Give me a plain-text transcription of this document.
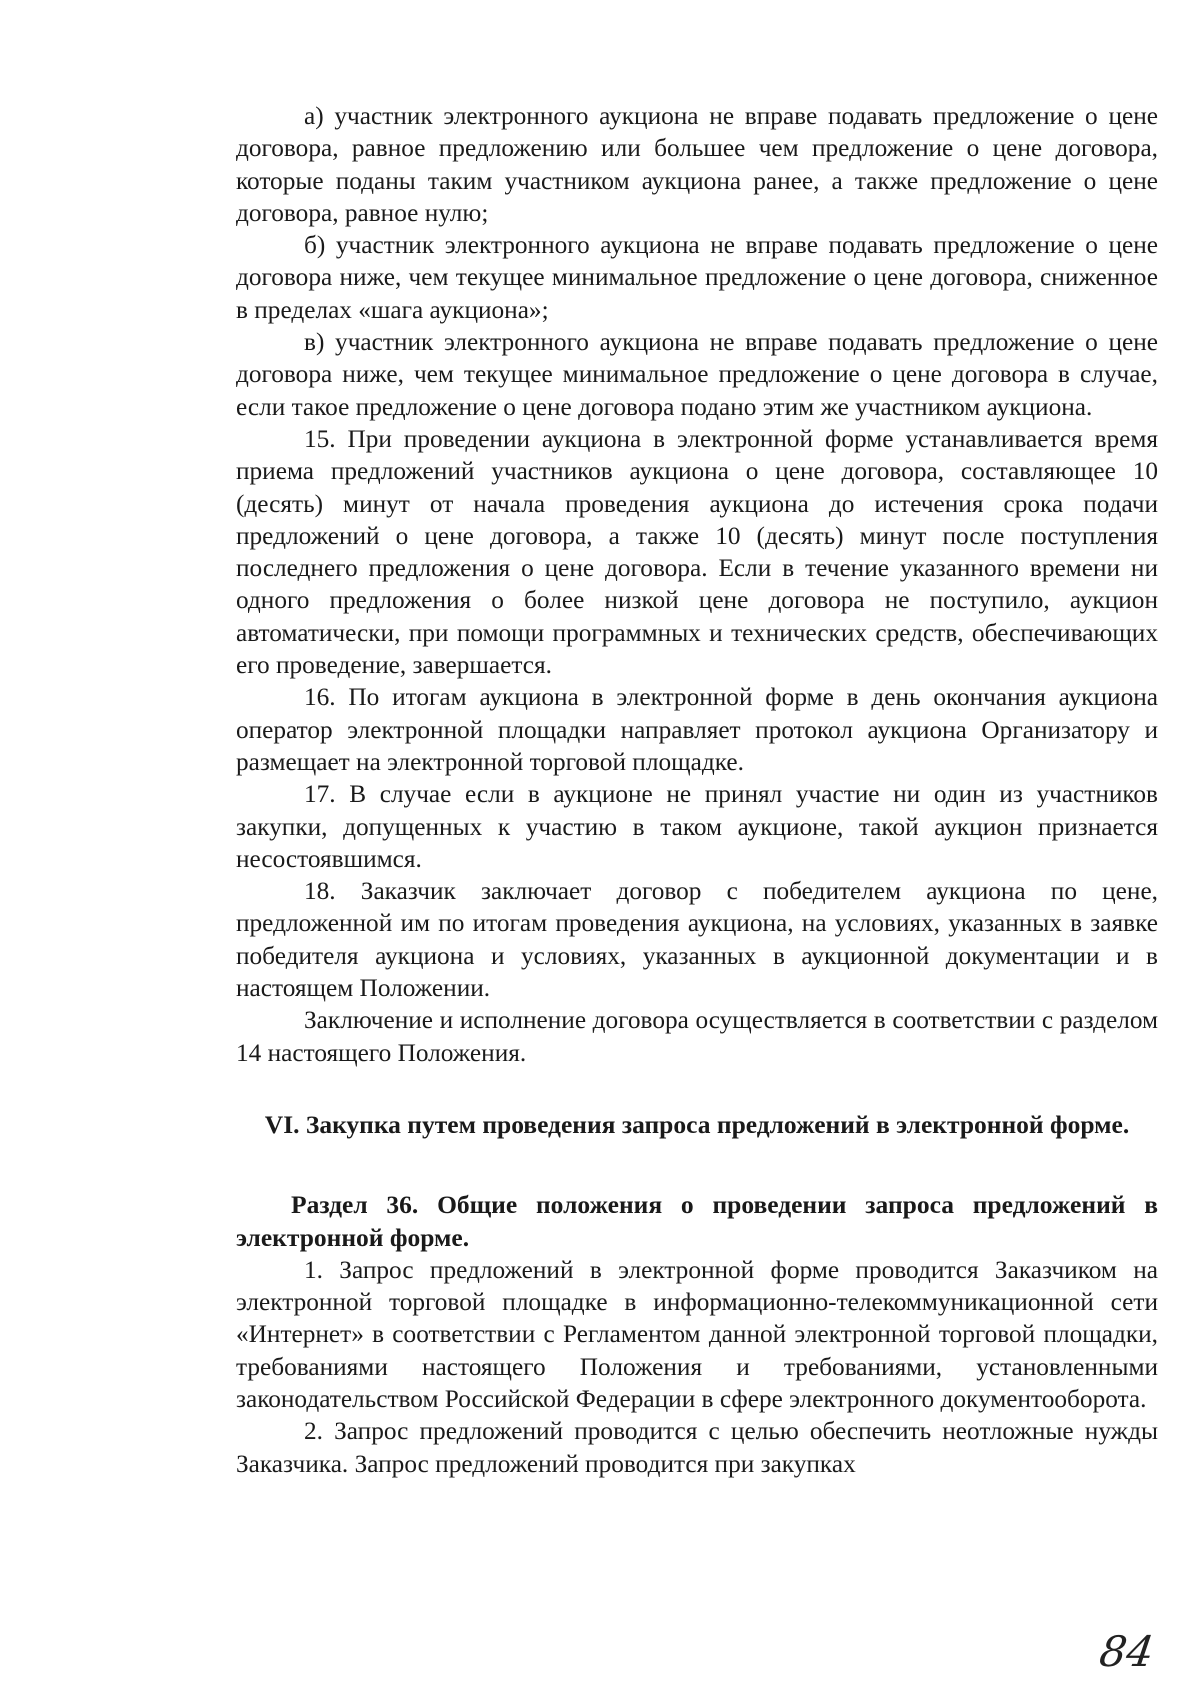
а) участник электронного аукциона не вправе подавать предложение о цене договора, равное предложению или большее чем предложение о цене договора, которые поданы таким участником аукциона ранее, а также предложение о цене договора, равное нулю;

б) участник электронного аукциона не вправе подавать предложение о цене договора ниже, чем текущее минимальное предложение о цене договора, сниженное в пределах «шага аукциона»;

в) участник электронного аукциона не вправе подавать предложение о цене договора ниже, чем текущее минимальное предложение о цене договора в случае, если такое предложение о цене договора подано этим же участником аукциона.

15. При проведении аукциона в электронной форме устанавливается время приема предложений участников аукциона о цене договора, составляющее 10 (десять) минут от начала проведения аукциона до истечения срока подачи предложений о цене договора, а также 10 (десять) минут после поступления последнего предложения о цене договора. Если в течение указанного времени ни одного предложения о более низкой цене договора не поступило, аукцион автоматически, при помощи программных и технических средств, обеспечивающих его проведение, завершается.

16. По итогам аукциона в электронной форме в день окончания аукциона оператор электронной площадки направляет протокол аукциона Организатору и размещает на электронной торговой площадке.

17. В случае если в аукционе не принял участие ни один из участников закупки, допущенных к участию в таком аукционе, такой аукцион признается несостоявшимся.

18. Заказчик заключает договор с победителем аукциона по цене, предложенной им по итогам проведения аукциона, на условиях, указанных в заявке победителя аукциона и условиях, указанных в аукционной документации и в настоящем Положении.

Заключение и исполнение договора осуществляется в соответствии с разделом 14 настоящего Положения.

VI. Закупка путем проведения запроса предложений в электронной форме.

Раздел 36. Общие положения о проведении запроса предложений в электронной форме.

1. Запрос предложений в электронной форме проводится Заказчиком на электронной торговой площадке в информационно-телекоммуникационной сети «Интернет» в соответствии с Регламентом данной электронной торговой площадки, требованиями настоящего Положения и требованиями, установленными законодательством Российской Федерации в сфере электронного документооборота.

2. Запрос предложений проводится с целью обеспечить неотложные нужды Заказчика. Запрос предложений проводится при закупках

84
